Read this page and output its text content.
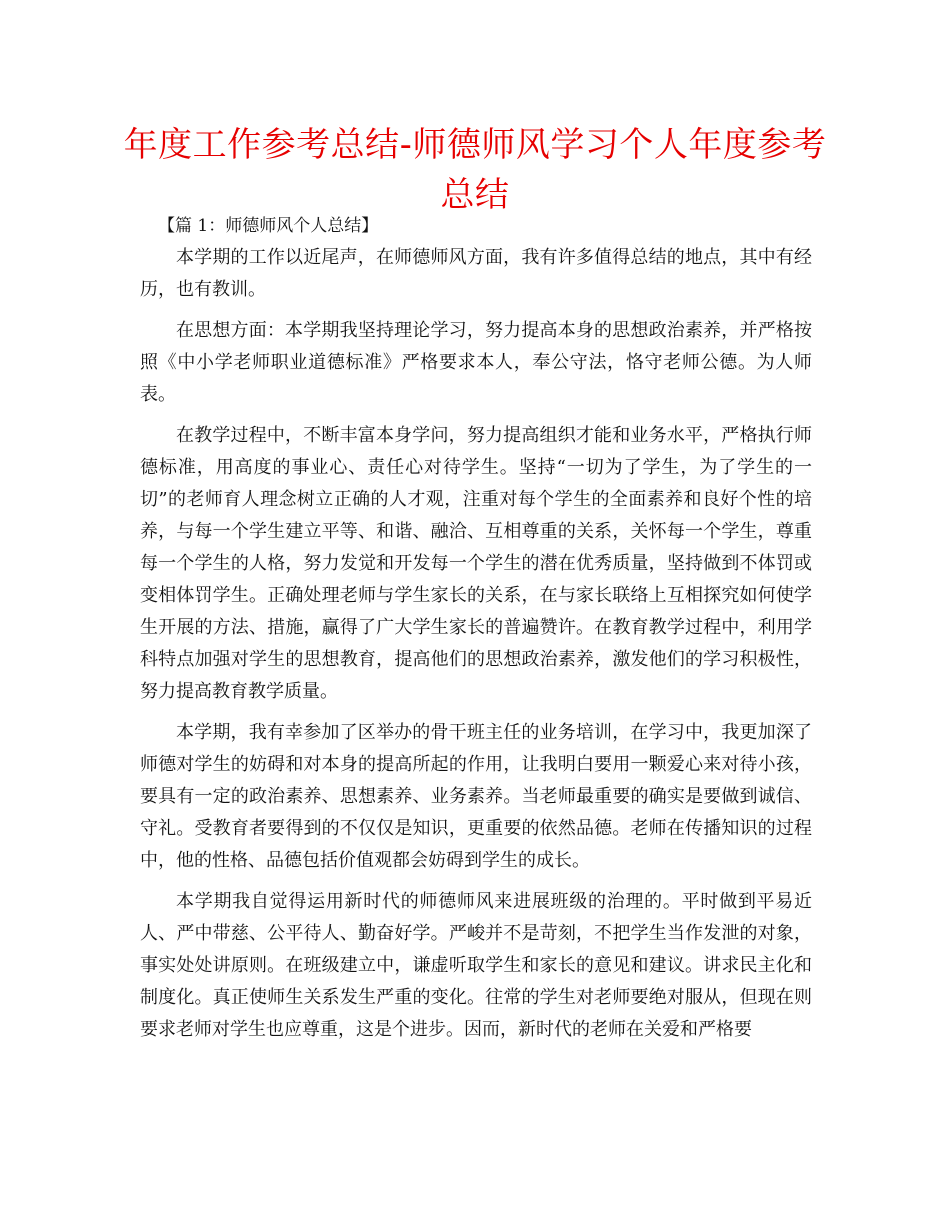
年度工作参考总结-师德师风学习个人年度参考总结

【篇 1：师德师风个人总结】

本学期的工作以近尾声，在师德师风方面，我有许多值得总结的地点，其中有经历，也有教训。

在思想方面：本学期我坚持理论学习，努力提高本身的思想政治素养，并严格按照《中小学老师职业道德标准》严格要求本人，奉公守法，恪守老师公德。为人师表。

在教学过程中，不断丰富本身学问，努力提高组织才能和业务水平，严格执行师德标准，用高度的事业心、责任心对待学生。坚持“一切为了学生，为了学生的一切”的老师育人理念树立正确的人才观，注重对每个学生的全面素养和良好个性的培养，与每一个学生建立平等、和谐、融洽、互相尊重的关系，关怀每一个学生，尊重每一个学生的人格，努力发觉和开发每一个学生的潜在优秀质量，坚持做到不体罚或变相体罚学生。正确处理老师与学生家长的关系，在与家长联络上互相探究如何使学生开展的方法、措施，赢得了广大学生家长的普遍赞许。在教育教学过程中，利用学科特点加强对学生的思想教育，提高他们的思想政治素养，激发他们的学习积极性，努力提高教育教学质量。

本学期，我有幸参加了区举办的骨干班主任的业务培训，在学习中，我更加深了师德对学生的妨碍和对本身的提高所起的作用，让我明白要用一颗爱心来对待小孩，要具有一定的政治素养、思想素养、业务素养。当老师最重要的确实是要做到诚信、守礼。受教育者要得到的不仅仅是知识，更重要的依然品德。老师在传播知识的过程中，他的性格、品德包括价值观都会妨碍到学生的成长。

本学期我自觉得运用新时代的师德师风来进展班级的治理的。平时做到平易近人、严中带慈、公平待人、勤奋好学。严峻并不是苛刻，不把学生当作发泄的对象，事实处处讲原则。在班级建立中，谦虚听取学生和家长的意见和建议。讲求民主化和制度化。真正使师生关系发生严重的变化。往常的学生对老师要绝对服从，但现在则要求老师对学生也应尊重，这是个进步。因而，新时代的老师在关爱和严格要
